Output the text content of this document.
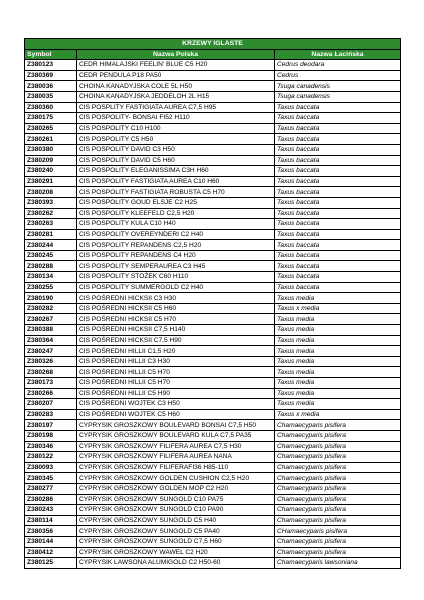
KRZEWY IGLASTE		
Symbol	Nazwa Polska	Nazwa Łacińska
Z380123	CEDR HIMALAJSKI FEELIN' BLUE C5 H20	Cedrus deodara
Z380369	CEDR PENDULA P18 PA50	Cedrus
Z380036	CHOINA KANADYJSKA COLE 5L H50	Tsuga canadensis
Z380035	CHOINA KANADYJSKA JEDDELOH 2L H15	Tsuga canadensis
Z380360	CIS POSPLITY FASTIGIATA AUREA C7,5 H95	Taxus baccata
Z380175	CIS POSPOLITY- BONSAI FI52 H110	Taxus baccata
Z380265	CIS POSPOLITY C10 H100	Taxus baccata
Z380261	CIS POSPOLITY C5 H50	Taxus baccata
Z380380	CIS POSPOLITY DAVID C3 H50	Taxus baccata
Z380209	CIS POSPOLITY DAVID C5 H60	Taxus baccata
Z380240	CIS POSPOLITY ELEGANISSIMA C3H H60	Taxus baccata
Z380291	CIS POSPOLITY FASTIGIATA AUREA C10 H60	Taxus baccata
Z380208	CIS POSPOLITY FASTIGIATA ROBUSTA C5 H70	Taxus baccata
Z380393	CIS POSPOLITY GOUD ELSJE C2 H25	Taxus baccata
Z380262	CIS POSPOLITY KLEEFELD C2,5 H20	Taxus baccata
Z380263	CIS POSPOLITY KULA C10 H40	Taxus baccata
Z380281	CIS POSPOLITY OVEREYNDERI C2 H40	Taxus baccata
Z380244	CIS POSPOLITY REPANDENS C2,5 H20	Taxus baccata
Z380245	CIS POSPOLITY REPANDENS C4 H20	Taxus baccata
Z380288	CIS POSPOLITY SEMPERAUREA C3 H45	Taxus baccata
Z380134	CIS POSPOLITY STOŻEK C60 H110	Taxus baccata
Z380255	CIS POSPOLITY SUMMERGOLD C2 H40	Taxus baccata
Z380190	CIS POŚREDNI HICKSII C3 H30	Taxus media
Z380282	CIS POŚREDNI HICKSII C5 H60	Taxus x media
Z380267	CIS POŚREDNI HICKSII C5 H70	Taxus media
Z380388	CIS POŚREDNI HICKSII C7,5 H140	Taxus media
Z380364	CIS POŚREDNI HICKSII C7,5 H90	Taxus media
Z380247	CIS POŚREDNI HILLII C1,5 H20	Taxus media
Z380326	CIS POŚREDNI HILLII C3 H30	Taxus media
Z380268	CIS POŚREDNI HILLII C5 H70	Taxus media
Z380173	CIS POŚREDNI HILLII C5 H70	Taxus media
Z380266	CIS POŚREDNI HILLII C5 H90	Taxus media
Z380207	CIS POŚREDNI WOJTEK C3 H50	Taxus media
Z380283	CIS POŚREDNI WOJTEK C5 H60	Taxus x media
Z380197	CYPRYSIK GROSZKOWY BOULEVARD BONSAI C7,5 H50	Chamaecyparis pisifera
Z380198	CYPRYSIK GROSZKOWY BOULEVARD KULA C7,5 PA35	Chamaecyparis pisifera
Z380346	CYPRYSIK GROSZKOWY FILIFERA AUREA C7,5 H30	Chamaecyparis pisifera
Z380122	CYPRYSIK GROSZKOWY FILIFERA AUREA NANA	Chamaecyparis pisifera
Z380093	CYPRYSIK GROSZKOWY FILIFERAFI36 H85-110	Chamaecyparis pisifera
Z380345	CYPRYSIK GROSZKOWY GOLDEN CUSHION C2,5 H20	Chamaecyparis pisifera
Z380277	CYPRYSIK GROSZKOWY GOLDEN MOP C2 H20	Chamaecyparis pisifera
Z380286	CYPRYSIK GROSZKOWY SUNGOLD C10 PA75	Chamaecyparis pisifera
Z380243	CYPRYSIK GROSZKOWY SUNGOLD C10 PA90	Chamaecyparis pisifera
Z380114	CYPRYSIK GROSZKOWY SUNGOLD C5 H40	Chamaecyparis pisifera
Z380356	CYPRYSIK GROSZKOWY SUNGOLD C5 PA40	CHamaecyparis pisifera
Z380144	CYPRYSIK GROSZKOWY SUNGOLD C7,5 H60	Chamaecyparis pisifera
Z380412	CYPRYSIK GROSZKOWY WAWEL C2 H20	Chamaecyparis pisifera
Z380125	CYPRYSIK LAWSONA ALUMIGOLD C2 H50-60	Chamaecyparis lawsoniana
